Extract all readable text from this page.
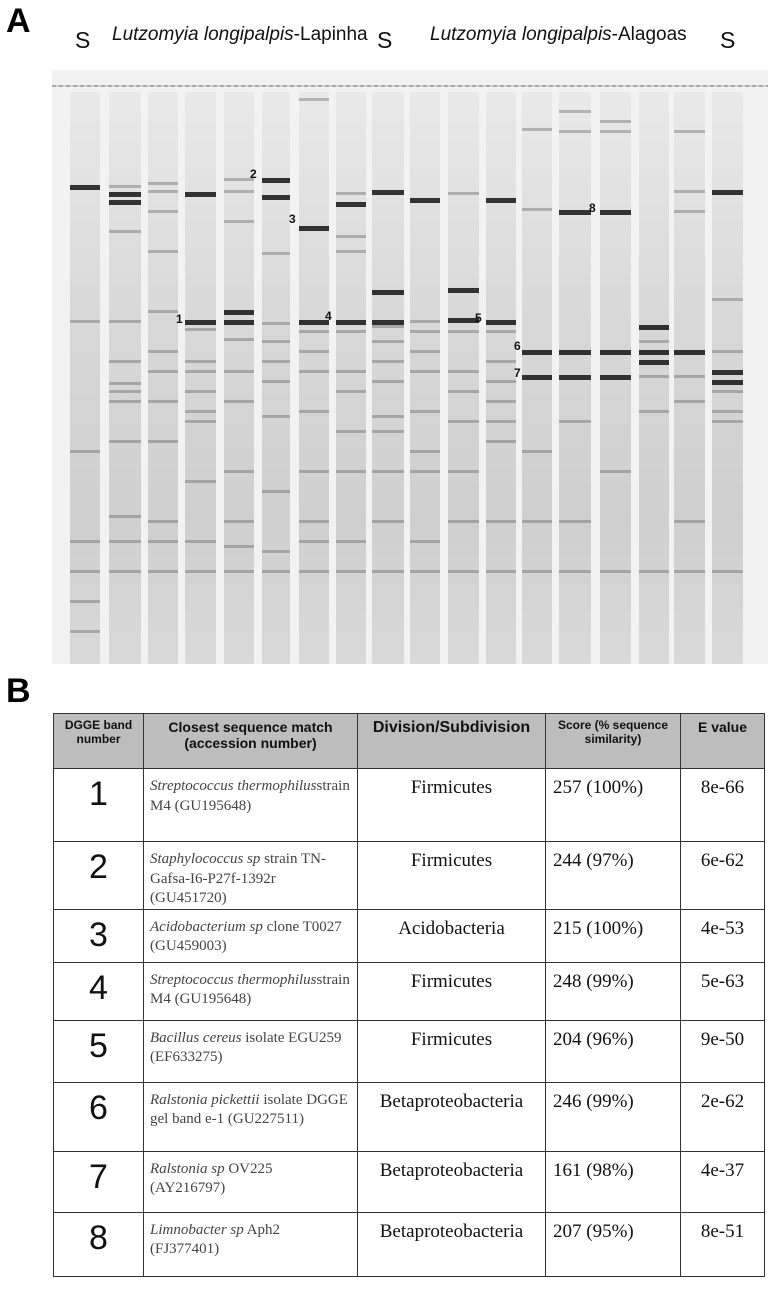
A S Lutzomyia longipalpis-Lapinha S Lutzomyia longipalpis-Alagoas S
1
2
3
4	5
6
7
8
B
DGGE band number	Closest sequence match (accession number)	Division/Subdivision	Score (% sequence similarity)	E value
1	Streptococcus thermophilusstrain M4 (GU195648)	Firmicutes	257 (100%)	8e-66
2	Staphylococcus sp strain TN-Gafsa-I6-P27f-1392r (GU451720)	Firmicutes	244 (97%)	6e-62
3	Acidobacterium sp clone T0027 (GU459003)	Acidobacteria	215 (100%)	4e-53
4	Streptococcus thermophilusstrain M4 (GU195648)	Firmicutes	248 (99%)	5e-63
5	Bacillus cereus isolate EGU259 (EF633275)	Firmicutes	204 (96%)	9e-50
6	Ralstonia pickettii isolate DGGE gel band e-1 (GU227511)	Betaproteobacteria	246 (99%)	2e-62
7	Ralstonia sp OV225 (AY216797)	Betaproteobacteria	161 (98%)	4e-37
8	Limnobacter sp Aph2 (FJ377401)	Betaproteobacteria	207 (95%)	8e-51
